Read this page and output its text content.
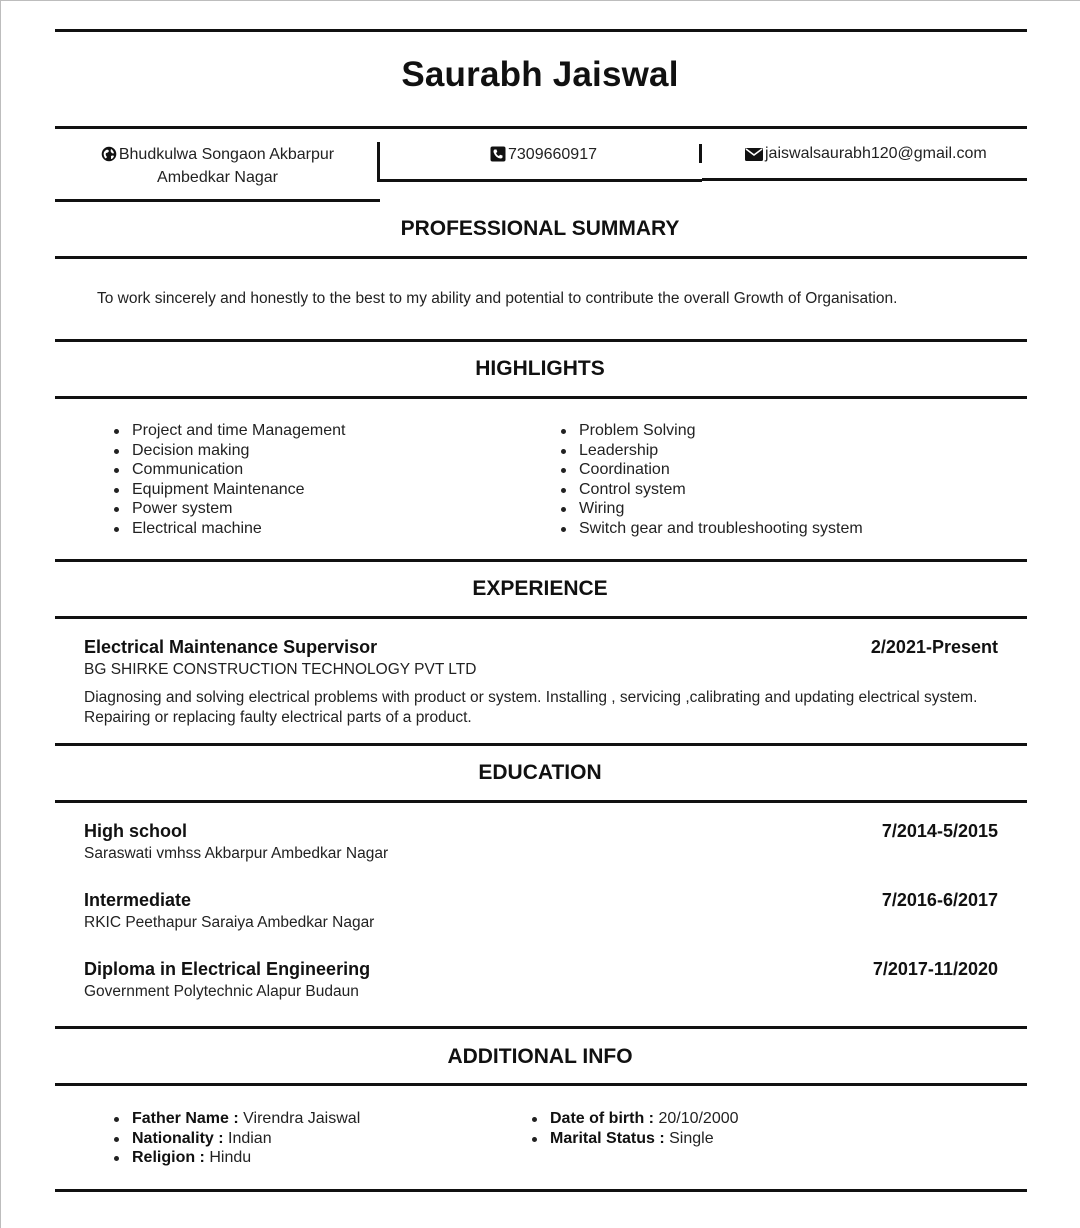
Saurabh Jaiswal
Bhudkulwa Songaon Akbarpur
Ambedkar Nagar
7309660917	jaiswalsaurabh120@gmail.com
PROFESSIONAL SUMMARY
To work sincerely and honestly to the best to my ability and potential to contribute the overall Growth of Organisation.
HIGHLIGHTS
Project and time Management
Decision making
Communication
Equipment Maintenance
Power system
Electrical machine
Problem Solving
Leadership
Coordination
Control system
Wiring
Switch gear and troubleshooting system
EXPERIENCE
Electrical Maintenance Supervisor	2/2021-Present
BG SHIRKE CONSTRUCTION TECHNOLOGY PVT LTD
Diagnosing and solving electrical problems with product or system. Installing , servicing ,calibrating and updating electrical system. Repairing or replacing faulty electrical parts of a product.
EDUCATION
High school	7/2014-5/2015
Saraswati vmhss Akbarpur Ambedkar Nagar
Intermediate	7/2016-6/2017
RKIC Peethapur Saraiya Ambedkar Nagar
Diploma in Electrical Engineering	7/2017-11/2020
Government Polytechnic Alapur Budaun
ADDITIONAL INFO
Father Name : Virendra Jaiswal
Nationality : Indian
Religion : Hindu
Date of birth : 20/10/2000
Marital Status : Single
